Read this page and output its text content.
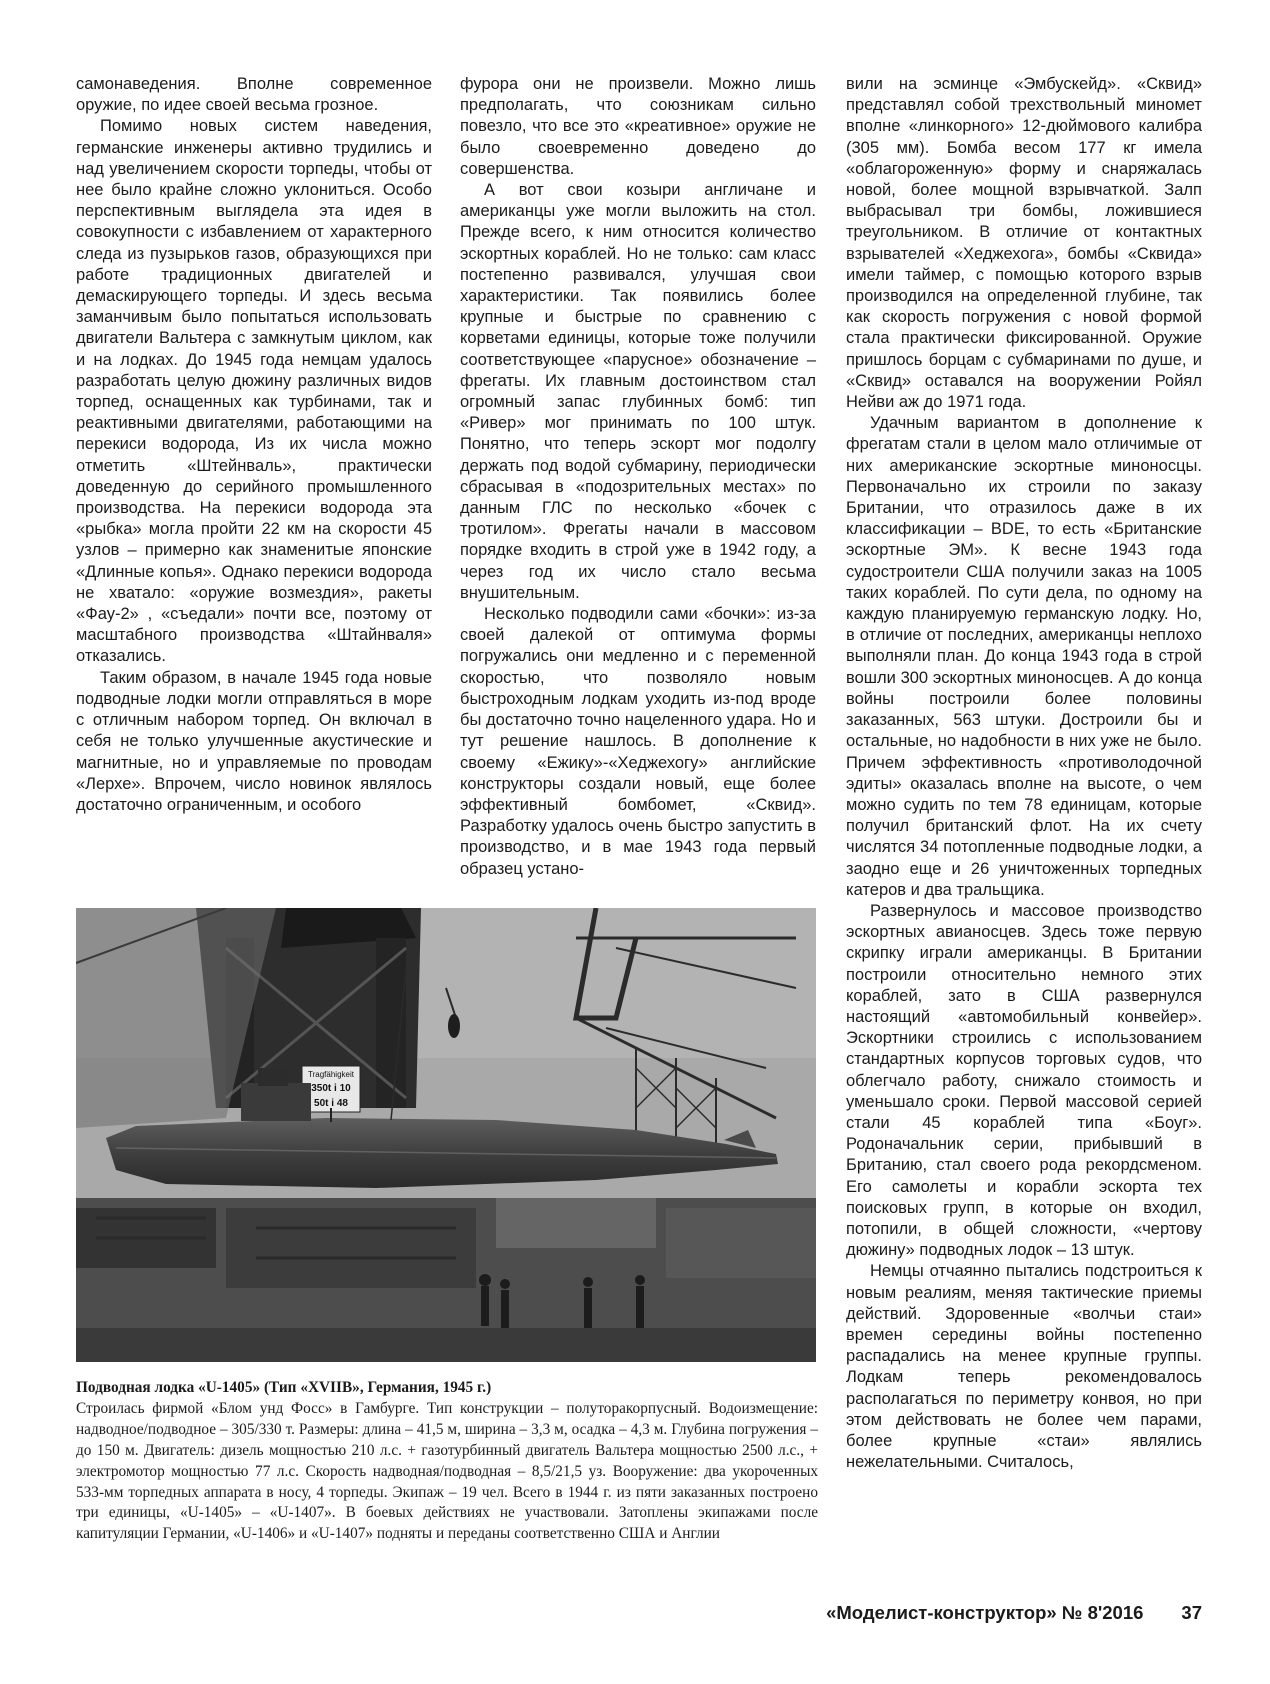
самонаведения. Вполне современное оружие, по идее своей весьма грозное.

Помимо новых систем наведения, германские инженеры активно трудились и над увеличением скорости торпеды, чтобы от нее было крайне сложно уклониться. Особо перспективным выглядела эта идея в совокупности с избавлением от характерного следа из пузырьков газов, образующихся при работе традиционных двигателей и демаскирующего торпеды. И здесь весьма заманчивым было попытаться использовать двигатели Вальтера с замкнутым циклом, как и на лодках. До 1945 года немцам удалось разработать целую дюжину различных видов торпед, оснащенных как турбинами, так и реактивными двигателями, работающими на перекиси водорода, Из их числа можно отметить «Штейнваль», практически доведенную до серийного промышленного производства. На перекиси водорода эта «рыбка» могла пройти 22 км на скорости 45 узлов – примерно как знаменитые японские «Длинные копья». Однако перекиси водорода не хватало: «оружие возмездия», ракеты «Фау-2» , «съедали» почти все, поэтому от масштабного производства «Штайнваля» отказались.

Таким образом, в начале 1945 года новые подводные лодки могли отправляться в море с отличным набором торпед. Он включал в себя не только улучшенные акустические и магнитные, но и управляемые по проводам «Лерхе». Впрочем, число новинок являлось достаточно ограниченным, и особого

фурора они не произвели. Можно лишь предполагать, что союзникам сильно повезло, что все это «креативное» оружие не было своевременно доведено до совершенства.

А вот свои козыри англичане и американцы уже могли выложить на стол. Прежде всего, к ним относится количество эскортных кораблей. Но не только: сам класс постепенно развивался, улучшая свои характеристики. Так появились более крупные и быстрые по сравнению с корветами единицы, которые тоже получили соответствующее «парусное» обозначение – фрегаты. Их главным достоинством стал огромный запас глубинных бомб: тип «Ривер» мог принимать по 100 штук. Понятно, что теперь эскорт мог подолгу держать под водой субмарину, периодически сбрасывая в «подозрительных местах» по данным ГЛС по несколько «бочек с тротилом». Фрегаты начали в массовом порядке входить в строй уже в 1942 году, а через год их число стало весьма внушительным.

Несколько подводили сами «бочки»: из-за своей далекой от оптимума формы погружались они медленно и с переменной скоростью, что позволяло новым быстроходным лодкам уходить из-под вроде бы достаточно точно нацеленного удара. Но и тут решение нашлось. В дополнение к своему «Ежику»-«Хеджехогу» английские конструкторы создали новый, еще более эффективный бомбомет, «Сквид». Разработку удалось очень быстро запустить в производство, и в мае 1943 года первый образец устано-

вили на эсминце «Эмбускейд». «Сквид» представлял собой трехствольный миномет вполне «линкорного» 12-дюймового калибра (305 мм). Бомба весом 177 кг имела «облагороженную» форму и снаряжалась новой, более мощной взрывчаткой. Залп выбрасывал три бомбы, ложившиеся треугольником. В отличие от контактных взрывателей «Хеджехога», бомбы «Сквида» имели таймер, с помощью которого взрыв производился на определенной глубине, так как скорость погружения с новой формой стала практически фиксированной. Оружие пришлось борцам с субмаринами по душе, и «Сквид» оставался на вооружении Ройял Нейви аж до 1971 года.

Удачным вариантом в дополнение к фрегатам стали в целом мало отличимые от них американские эскортные миноносцы. Первоначально их строили по заказу Британии, что отразилось даже в их классификации – BDE, то есть «Британские эскортные ЭМ». К весне 1943 года судостроители США получили заказ на 1005 таких кораблей. По сути дела, по одному на каждую планируемую германскую лодку. Но, в отличие от последних, американцы неплохо выполняли план. До конца 1943 года в строй вошли 300 эскортных миноносцев. А до конца войны построили более половины заказанных, 563 штуки. Достроили бы и остальные, но надобности в них уже не было. Причем эффективность «противолодочной эдиты» оказалась вполне на высоте, о чем можно судить по тем 78 единицам, которые получил британский флот. На их счету числятся 34 потопленные подводные лодки, а заодно еще и 26 уничтоженных торпедных катеров и два тральщика.

Развернулось и массовое производство эскортных авианосцев. Здесь тоже первую скрипку играли американцы. В Британии построили относительно немного этих кораблей, зато в США развернулся настоящий «автомобильный конвейер». Эскортники строились с использованием стандартных корпусов торговых судов, что облегчало работу, снижало стоимость и уменьшало сроки. Первой массовой серией стали 45 кораблей типа «Боуг». Родоначальник серии, прибывший в Британию, стал своего рода рекордсменом. Его самолеты и корабли эскорта тех поисковых групп, в которые он входил, потопили, в общей сложности, «чертову дюжину» подводных лодок – 13 штук.

Немцы отчаянно пытались подстроиться к новым реалиям, меняя тактические приемы действий. Здоровенные «волчьи стаи» времен середины войны постепенно распадались на менее крупные группы. Лодкам теперь рекомендовалось располагаться по периметру конвоя, но при этом действовать не более чем парами, более крупные «стаи» являлись нежелательными. Считалось,

Tragfähigkeit
350t i 10
50t i 48
Подводная лодка «U-1405» (Тип «XVIIB», Германия, 1945 г.)
Строилась фирмой «Блом унд Фосс» в Гамбурге. Тип конструкции – полуторакорпусный. Водоизмещение: надводное/подводное – 305/330 т. Размеры: длина – 41,5 м, ширина – 3,3 м, осадка – 4,3 м. Глубина погружения – до 150 м. Двигатель: дизель мощностью 210 л.с. + газотурбинный двигатель Вальтера мощностью 2500 л.с., + электромотор мощностью 77 л.с. Скорость надводная/подводная – 8,5/21,5 уз. Вооружение: два укороченных 533-мм торпедных аппарата в носу, 4 торпеды. Экипаж – 19 чел. Всего в 1944 г. из пяти заказанных построено три единицы, «U-1405» – «U-1407». В боевых действиях не участвовали. Затоплены экипажами после капитуляции Германии, «U-1406» и «U-1407» подняты и переданы соответственно США и Англии
«Моделист-конструктор» № 8'2016 37
